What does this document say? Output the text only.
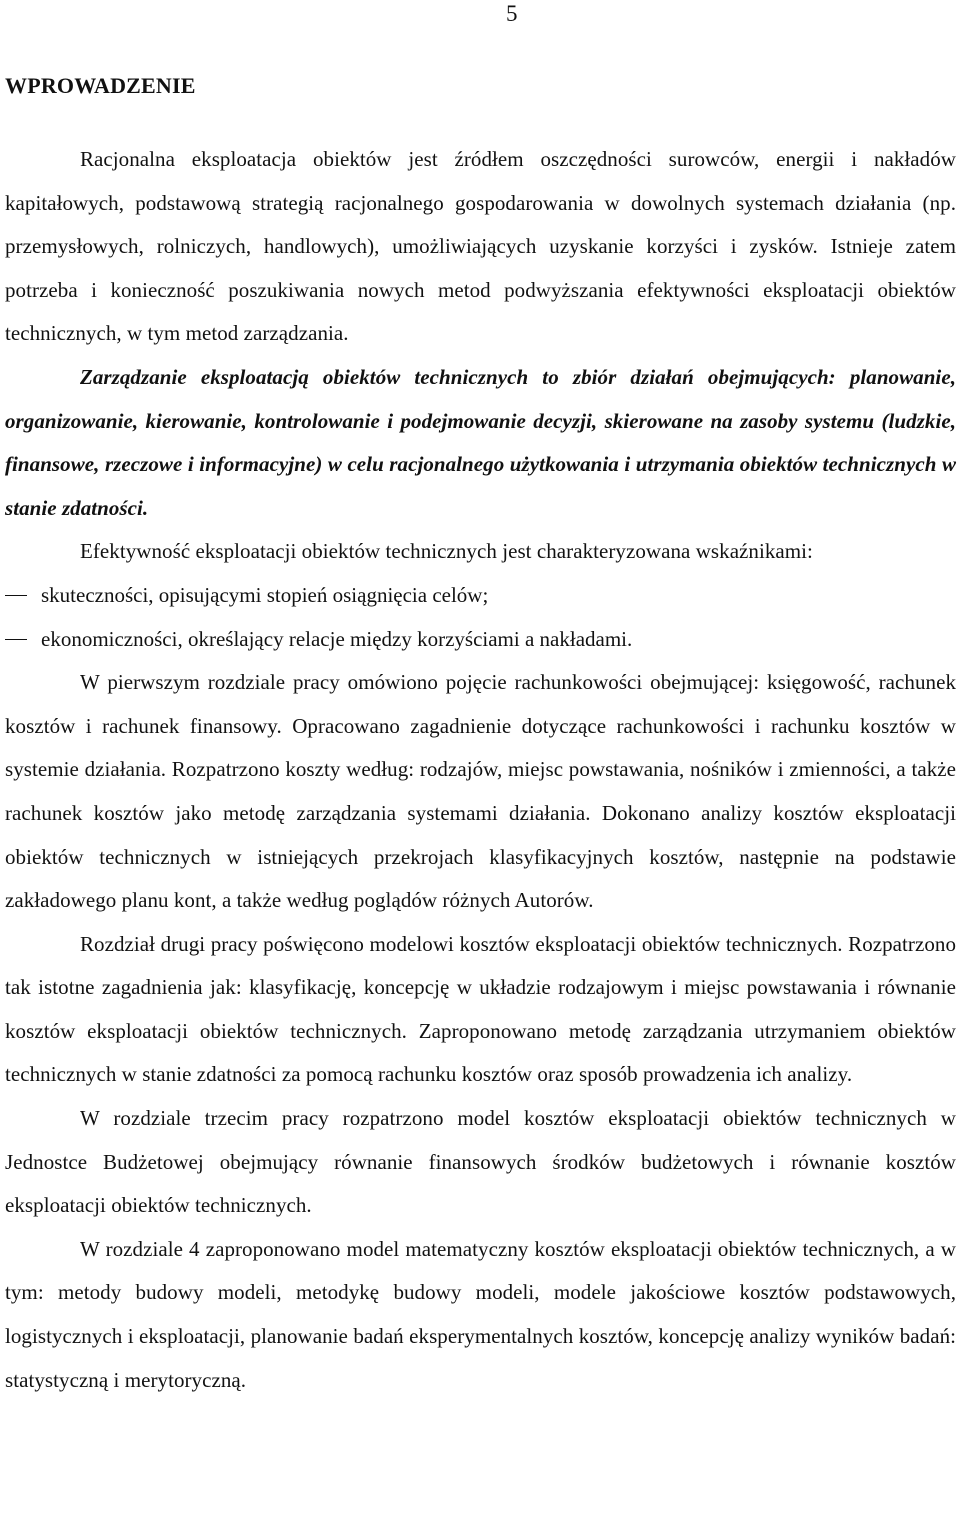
5
WPROWADZENIE

Racjonalna eksploatacja obiektów jest źródłem oszczędności surowców, energii i nakładów kapitałowych, podstawową strategią racjonalnego gospodarowania w dowolnych systemach działania (np. przemysłowych, rolniczych, handlowych), umożliwiających uzyskanie korzyści i zysków. Istnieje zatem potrzeba i konieczność poszukiwania nowych metod podwyższania efektywności eksploatacji obiektów technicznych, w tym metod zarządzania.

Zarządzanie eksploatacją obiektów technicznych to zbiór działań obejmujących: planowanie, organizowanie, kierowanie, kontrolowanie i podejmowanie decyzji, skierowane na zasoby systemu (ludzkie, finansowe, rzeczowe i informacyjne) w celu racjonalnego użytkowania i utrzymania obiektów technicznych w stanie zdatności.

Efektywność eksploatacji obiektów technicznych jest charakteryzowana wskaźnikami:

skuteczności, opisującymi stopień osiągnięcia celów;
ekonomiczności, określający relacje między korzyściami a nakładami.

W pierwszym rozdziale pracy omówiono pojęcie rachunkowości obejmującej: księgowość, rachunek kosztów i rachunek finansowy. Opracowano zagadnienie dotyczące rachunkowości i rachunku kosztów w systemie działania. Rozpatrzono koszty według: rodzajów, miejsc powstawania, nośników i zmienności, a także rachunek kosztów jako metodę zarządzania systemami działania. Dokonano analizy kosztów eksploatacji obiektów technicznych w istniejących przekrojach klasyfikacyjnych kosztów, następnie na podstawie zakładowego planu kont, a także według poglądów różnych Autorów.

Rozdział drugi pracy poświęcono modelowi kosztów eksploatacji obiektów technicznych. Rozpatrzono tak istotne zagadnienia jak: klasyfikację, koncepcję w układzie rodzajowym i miejsc powstawania i równanie kosztów eksploatacji obiektów technicznych. Zaproponowano metodę zarządzania utrzymaniem obiektów technicznych w stanie zdatności za pomocą rachunku kosztów oraz sposób prowadzenia ich analizy.

W rozdziale trzecim pracy rozpatrzono model kosztów eksploatacji obiektów technicznych w Jednostce Budżetowej obejmujący równanie finansowych środków budżetowych i równanie kosztów eksploatacji obiektów technicznych.

W rozdziale 4 zaproponowano model matematyczny kosztów eksploatacji obiektów technicznych, a w tym: metody budowy modeli, metodykę budowy modeli, modele jakościowe kosztów podstawowych, logistycznych i eksploatacji, planowanie badań eksperymentalnych kosztów, koncepcję analizy wyników badań: statystyczną i merytoryczną.
